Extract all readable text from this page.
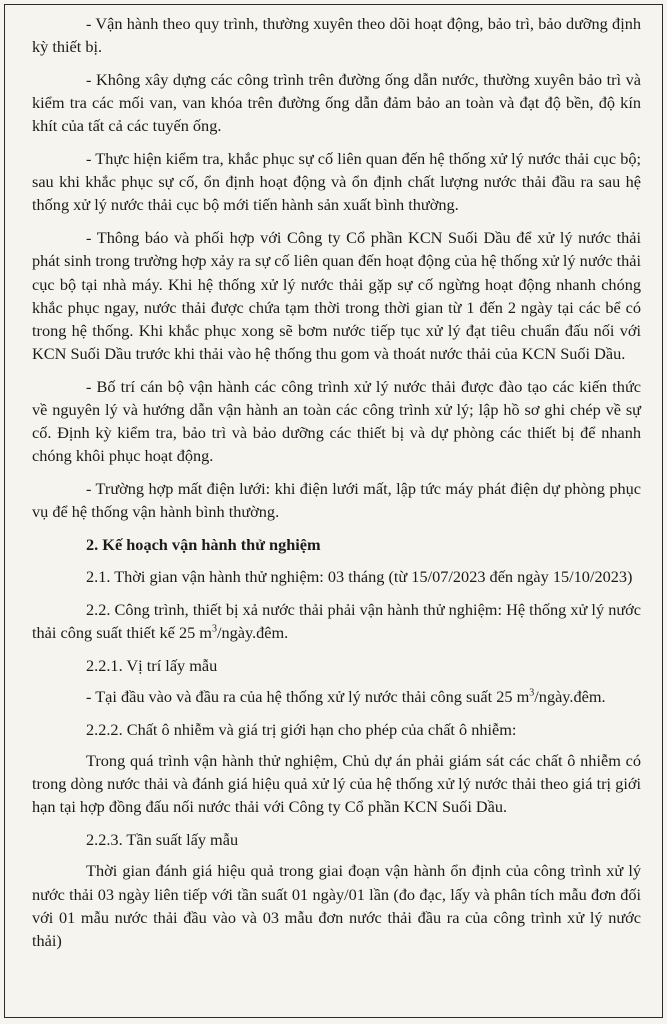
- Vận hành theo quy trình, thường xuyên theo dõi hoạt động, bảo trì, bảo dưỡng định kỳ thiết bị.

- Không xây dựng các công trình trên đường ống dẫn nước, thường xuyên bảo trì và kiểm tra các mối van, van khóa trên đường ống dẫn đảm bảo an toàn và đạt độ bền, độ kín khít của tất cả các tuyến ống.

- Thực hiện kiểm tra, khắc phục sự cố liên quan đến hệ thống xử lý nước thải cục bộ; sau khi khắc phục sự cố, ổn định hoạt động và ổn định chất lượng nước thải đầu ra sau hệ thống xử lý nước thải cục bộ mới tiến hành sản xuất bình thường.

- Thông báo và phối hợp với Công ty Cổ phần KCN Suối Dầu để xử lý nước thải phát sinh trong trường hợp xảy ra sự cố liên quan đến hoạt động của hệ thống xử lý nước thải cục bộ tại nhà máy. Khi hệ thống xử lý nước thải gặp sự cố ngừng hoạt động nhanh chóng khắc phục ngay, nước thải được chứa tạm thời trong thời gian từ 1 đến 2 ngày tại các bể có trong hệ thống. Khi khắc phục xong sẽ bơm nước tiếp tục xử lý đạt tiêu chuẩn đấu nối với KCN Suối Dầu trước khi thải vào hệ thống thu gom và thoát nước thải của KCN Suối Dầu.

- Bố trí cán bộ vận hành các công trình xử lý nước thải được đào tạo các kiến thức về nguyên lý và hướng dẫn vận hành an toàn các công trình xử lý; lập hồ sơ ghi chép về sự cố. Định kỳ kiểm tra, bảo trì và bảo dưỡng các thiết bị và dự phòng các thiết bị để nhanh chóng khôi phục hoạt động.

- Trường hợp mất điện lưới: khi điện lưới mất, lập tức máy phát điện dự phòng phục vụ để hệ thống vận hành bình thường.

2. Kế hoạch vận hành thử nghiệm

2.1. Thời gian vận hành thử nghiệm: 03 tháng (từ 15/07/2023 đến ngày 15/10/2023)

2.2. Công trình, thiết bị xả nước thải phải vận hành thử nghiệm: Hệ thống xử lý nước thải công suất thiết kế 25 $m^3/ngày.đêm$.

2.2.1. Vị trí lấy mẫu

- Tại đầu vào và đầu ra của hệ thống xử lý nước thải công suất 25 $m^3/ngày.đêm$.

2.2.2. Chất ô nhiễm và giá trị giới hạn cho phép của chất ô nhiễm:

Trong quá trình vận hành thử nghiệm, Chủ dự án phải giám sát các chất ô nhiễm có trong dòng nước thải và đánh giá hiệu quả xử lý của hệ thống xử lý nước thải theo giá trị giới hạn tại hợp đồng đấu nối nước thải với Công ty Cổ phần KCN Suối Dầu.

2.2.3. Tần suất lấy mẫu

Thời gian đánh giá hiệu quả trong giai đoạn vận hành ổn định của công trình xử lý nước thải 03 ngày liên tiếp với tần suất 01 ngày/01 lần (đo đạc, lấy và phân tích mẫu đơn đối với 01 mẫu nước thải đầu vào và 03 mẫu đơn nước thải đầu ra của công trình xử lý nước thải)
